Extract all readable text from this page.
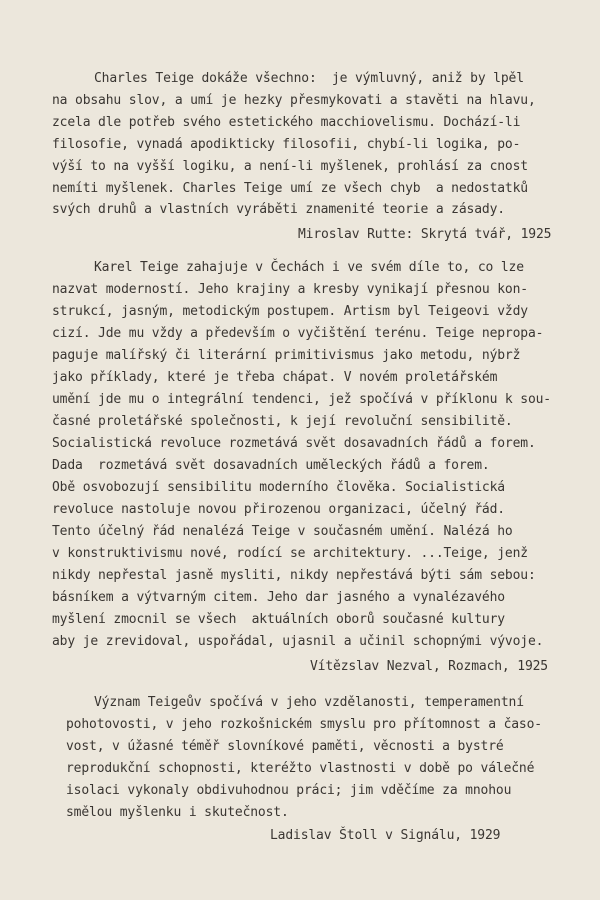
Charles Teige dokáže všechno:  je výmluvný, aniž by lpěl
na obsahu slov, a umí je hezky přesmykovati a stavěti na hlavu,
zcela dle potřeb svého estetického macchiovelismu. Dochází-li
filosofie, vynadá apodikticky filosofii, chybí-li logika, po-
výší to na vyšší logiku, a není-li myšlenek, prohlásí za cnost
nemíti myšlenek. Charles Teige umí ze všech chyb  a nedostatků
svých druhů a vlastních vyráběti znamenité teorie a zásady.
Miroslav Rutte: Skrytá tvář, 1925
Karel Teige zahajuje v Čechách i ve svém díle to, co lze
nazvat moderností. Jeho krajiny a kresby vynikají přesnou kon-
strukcí, jasným, metodickým postupem. Artism byl Teigeovi vždy
cizí. Jde mu vždy a především o vyčištění terénu. Teige nepropa-
paguje malířský či literární primitivismus jako metodu, nýbrž
jako příklady, které je třeba chápat. V novém proletářském
umění jde mu o integrální tendenci, jež spočívá v příklonu k sou-
časné proletářské společnosti, k její revoluční sensibilitě.
Socialistická revoluce rozmetává svět dosavadních řádů a forem.
Dada  rozmetává svět dosavadních uměleckých řádů a forem.
Obě osvobozují sensibilitu moderního člověka. Socialistická
revoluce nastoluje novou přirozenou organizaci, účelný řád.
Tento účelný řád nenalézá Teige v současném umění. Nalézá ho
v konstruktivismu nové, rodící se architektury. ...Teige, jenž
nikdy nepřestal jasně mysliti, nikdy nepřestává býti sám sebou:
básníkem a výtvarným citem. Jeho dar jasného a vynalézavého
myšlení zmocnil se všech  aktuálních oborů současné kultury
aby je zrevidoval, uspořádal, ujasnil a učinil schopnými vývoje.
Vítězslav Nezval, Rozmach, 1925
Význam Teigeův spočívá v jeho vzdělanosti, temperamentní
pohotovosti, v jeho rozkošnickém smyslu pro přítomnost a časo-
vost, v úžasné téměř slovníkové paměti, věcnosti a bystré
reprodukční schopnosti, kteréžto vlastnosti v době po válečné
isolaci vykonaly obdivuhodnou práci; jim vděčíme za mnohou
smělou myšlenku i skutečnost.
Ladislav Štoll v Signálu, 1929
